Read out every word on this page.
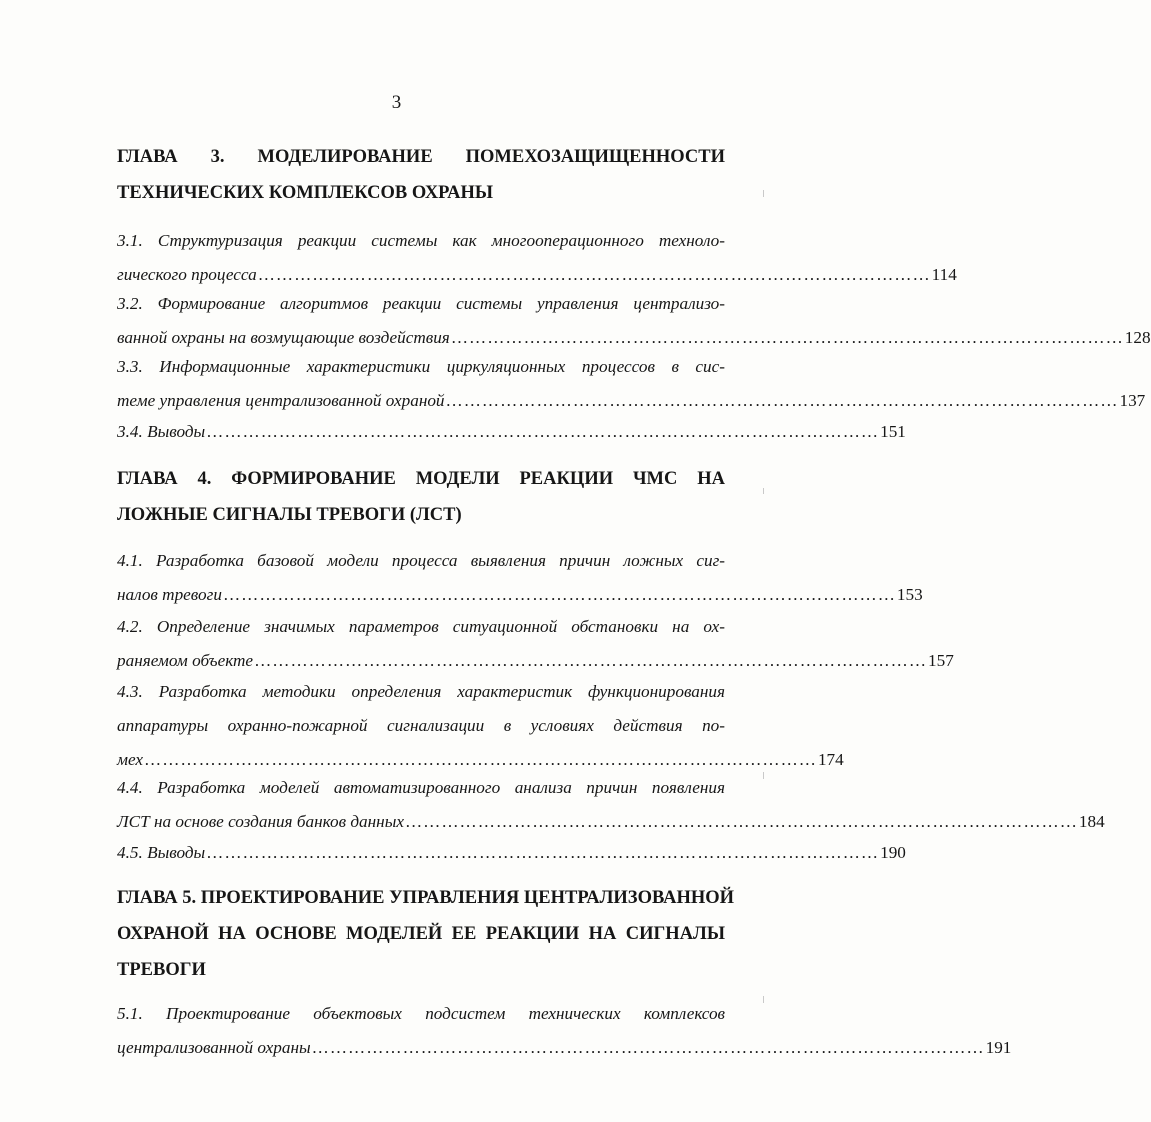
3
ГЛАВА 3. МОДЕЛИРОВАНИЕ ПОМЕХОЗАЩИЩЕННОСТИ
ТЕХНИЧЕСКИХ КОМПЛЕКСОВ ОХРАНЫ
3.1. Структуризация реакции системы как многооперационного техноло-
гического процесса ………………………………………………………………………………………………… 114
3.2. Формирование алгоритмов реакции системы управления централизо-
ванной охраны на возмущающие воздействия ………………………………………………………………………………………………… 128
3.3. Информационные характеристики циркуляционных процессов в сис-
теме управления централизованной охраной ………………………………………………………………………………………………… 137
3.4. Выводы ………………………………………………………………………………………………… 151
ГЛАВА 4. ФОРМИРОВАНИЕ МОДЕЛИ РЕАКЦИИ ЧМС НА
ЛОЖНЫЕ СИГНАЛЫ ТРЕВОГИ (ЛСТ)
4.1. Разработка базовой модели процесса выявления причин ложных сиг-
налов тревоги ………………………………………………………………………………………………… 153
4.2. Определение значимых параметров ситуационной обстановки на ох-
раняемом объекте ………………………………………………………………………………………………… 157
4.3. Разработка методики определения характеристик функционирования
аппаратуры охранно-пожарной сигнализации в условиях действия по-
мех ………………………………………………………………………………………………… 174
4.4. Разработка моделей автоматизированного анализа причин появления
ЛСТ на основе создания банков данных ………………………………………………………………………………………………… 184
4.5. Выводы ………………………………………………………………………………………………… 190
ГЛАВА 5. ПРОЕКТИРОВАНИЕ УПРАВЛЕНИЯ ЦЕНТРАЛИЗОВАННОЙ
ОХРАНОЙ НА ОСНОВЕ МОДЕЛЕЙ ЕЕ РЕАКЦИИ НА СИГНАЛЫ
ТРЕВОГИ
5.1. Проектирование объектовых подсистем технических комплексов
централизованной охраны ………………………………………………………………………………………………… 191
